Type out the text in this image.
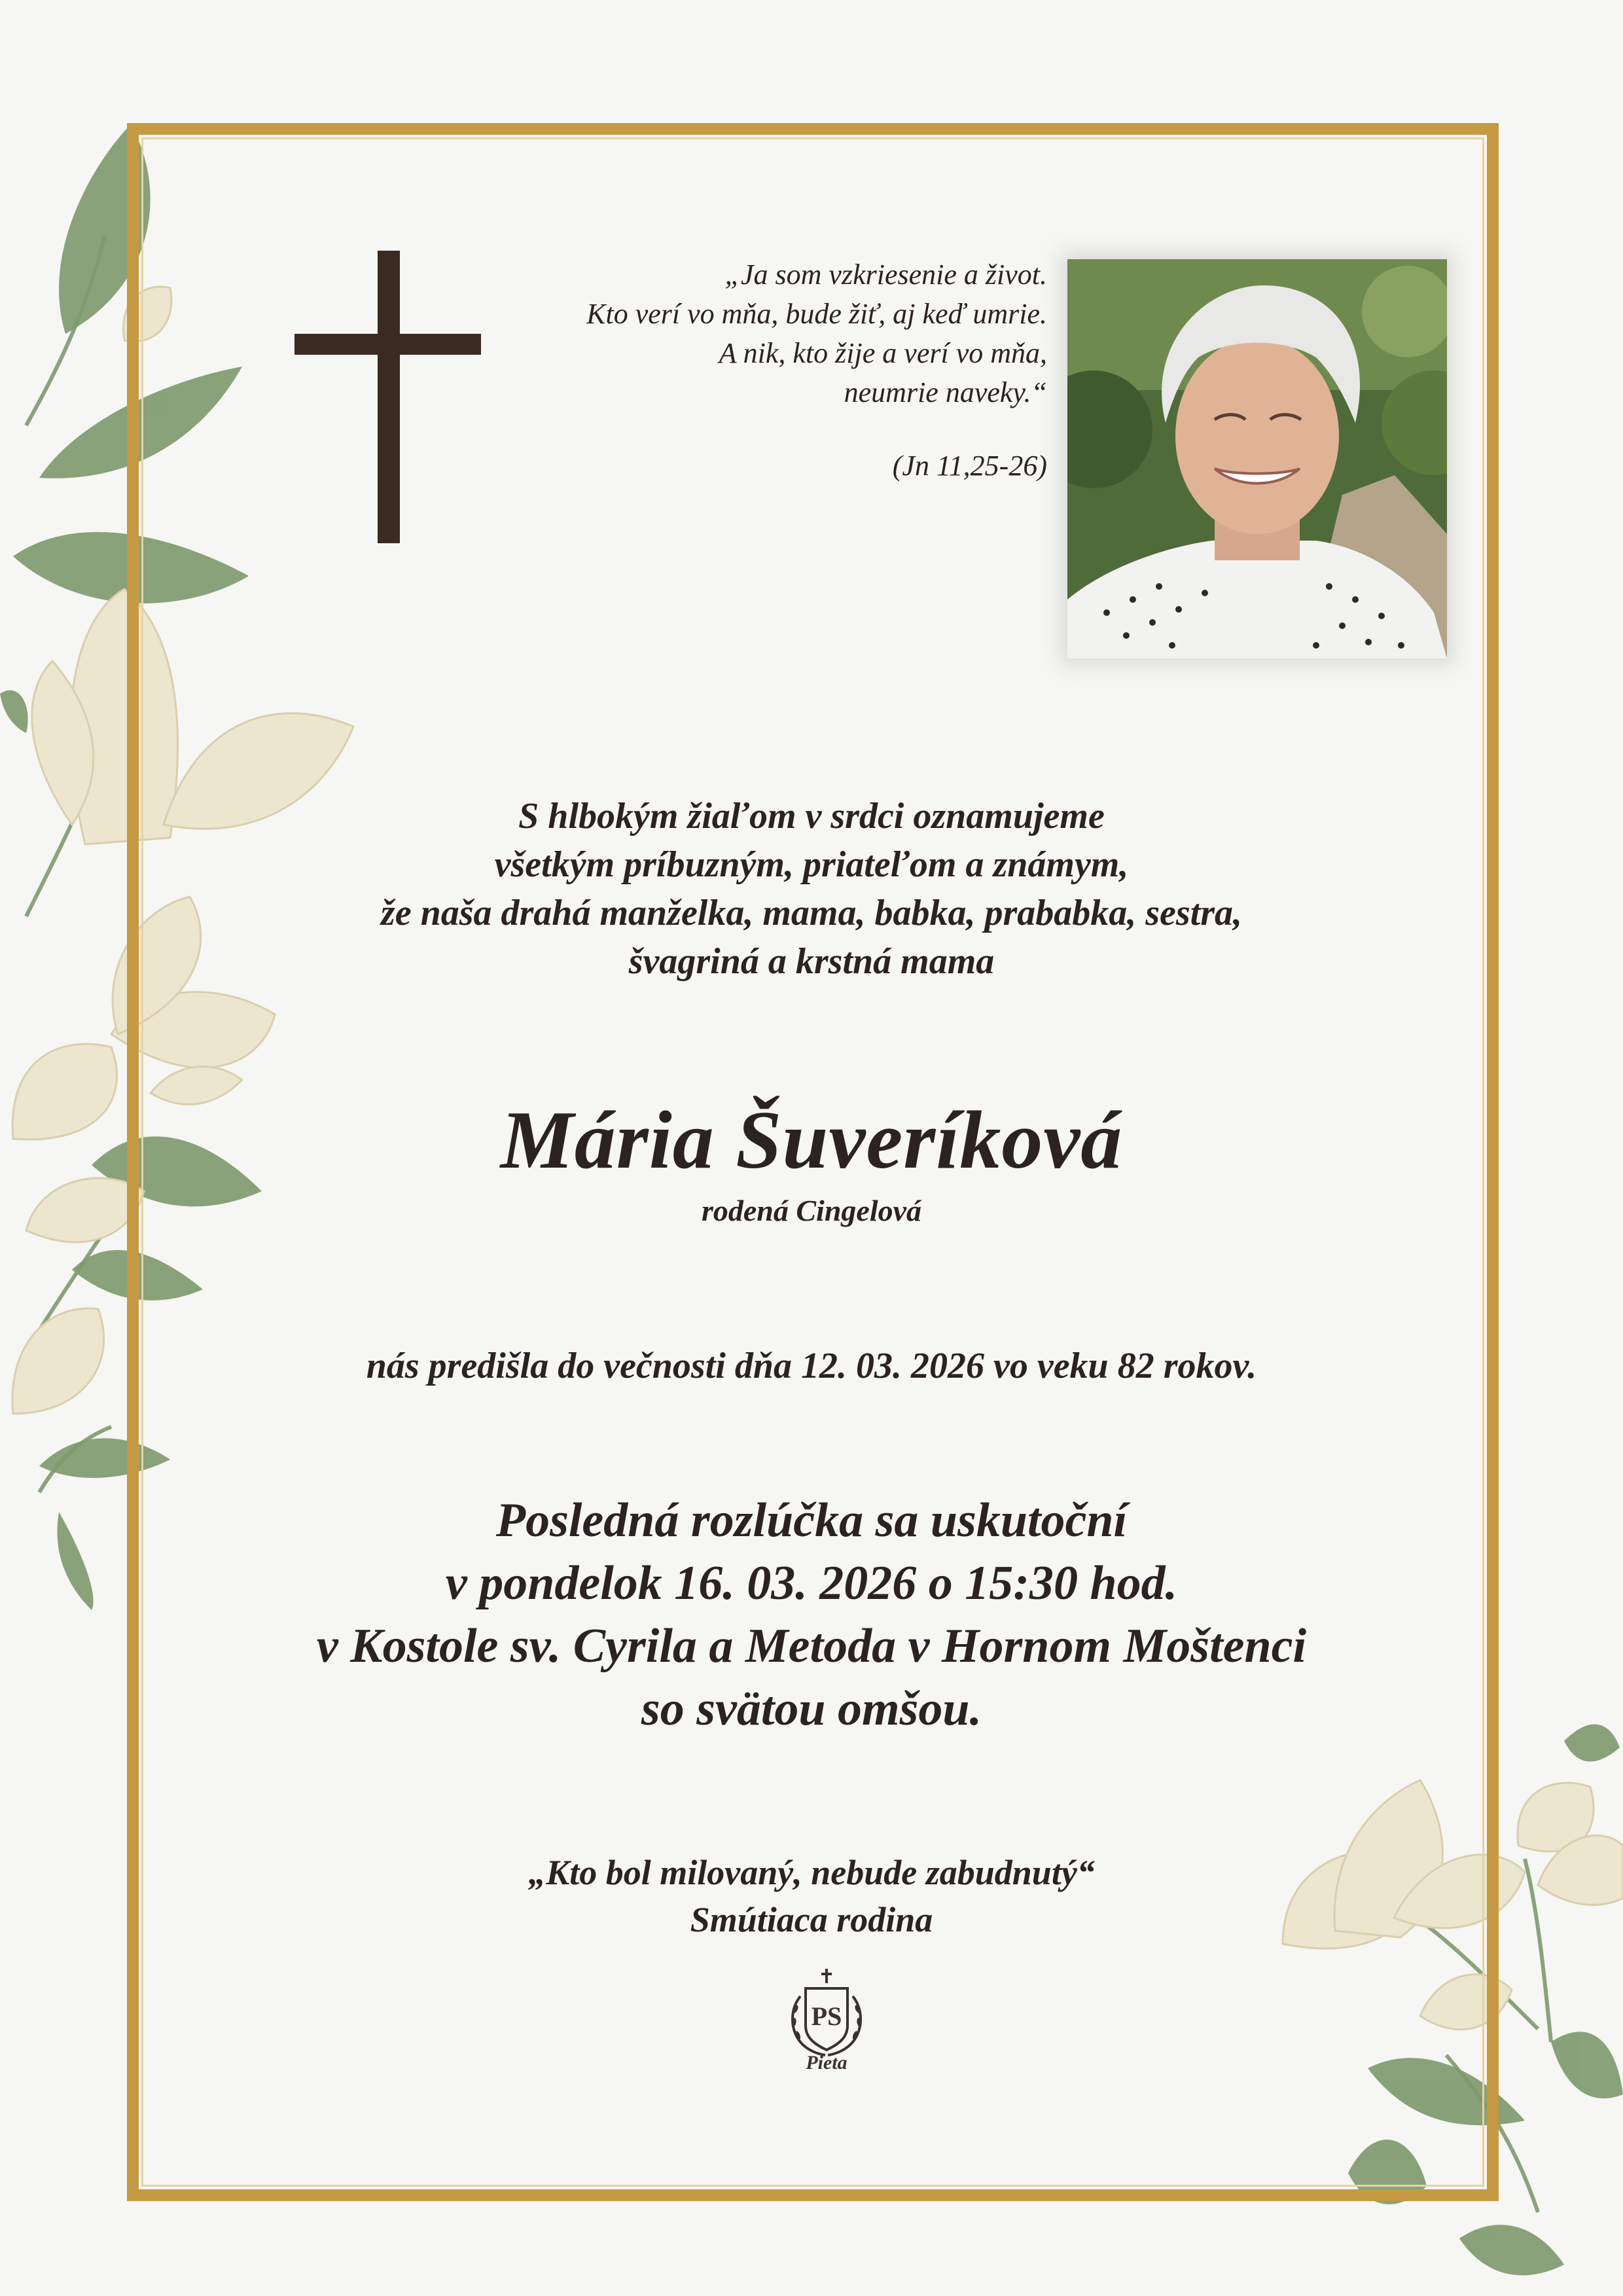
„Ja som vzkriesenie a život.
Kto verí vo mňa, bude žiť, aj keď umrie.
A nik, kto žije a verí vo mňa,
neumrie naveky.“
(Jn 11,25-26)
S hlbokým žiaľom v srdci oznamujeme
všetkým príbuzným, priateľom a známym,
že naša drahá manželka, mama, babka, prababka, sestra,
švagriná a krstná mama
Mária Šuveríková
rodená Cingelová
nás predišla do večnosti dňa 12. 03. 2026 vo veku 82 rokov.
Posledná rozlúčka sa uskutoční
v pondelok 16. 03. 2026 o 15:30 hod.
v Kostole sv. Cyrila a Metoda v Hornom Moštenci
so svätou omšou.
„Kto bol milovaný, nebude zabudnutý“
Smútiaca rodina
PS
Pieta
